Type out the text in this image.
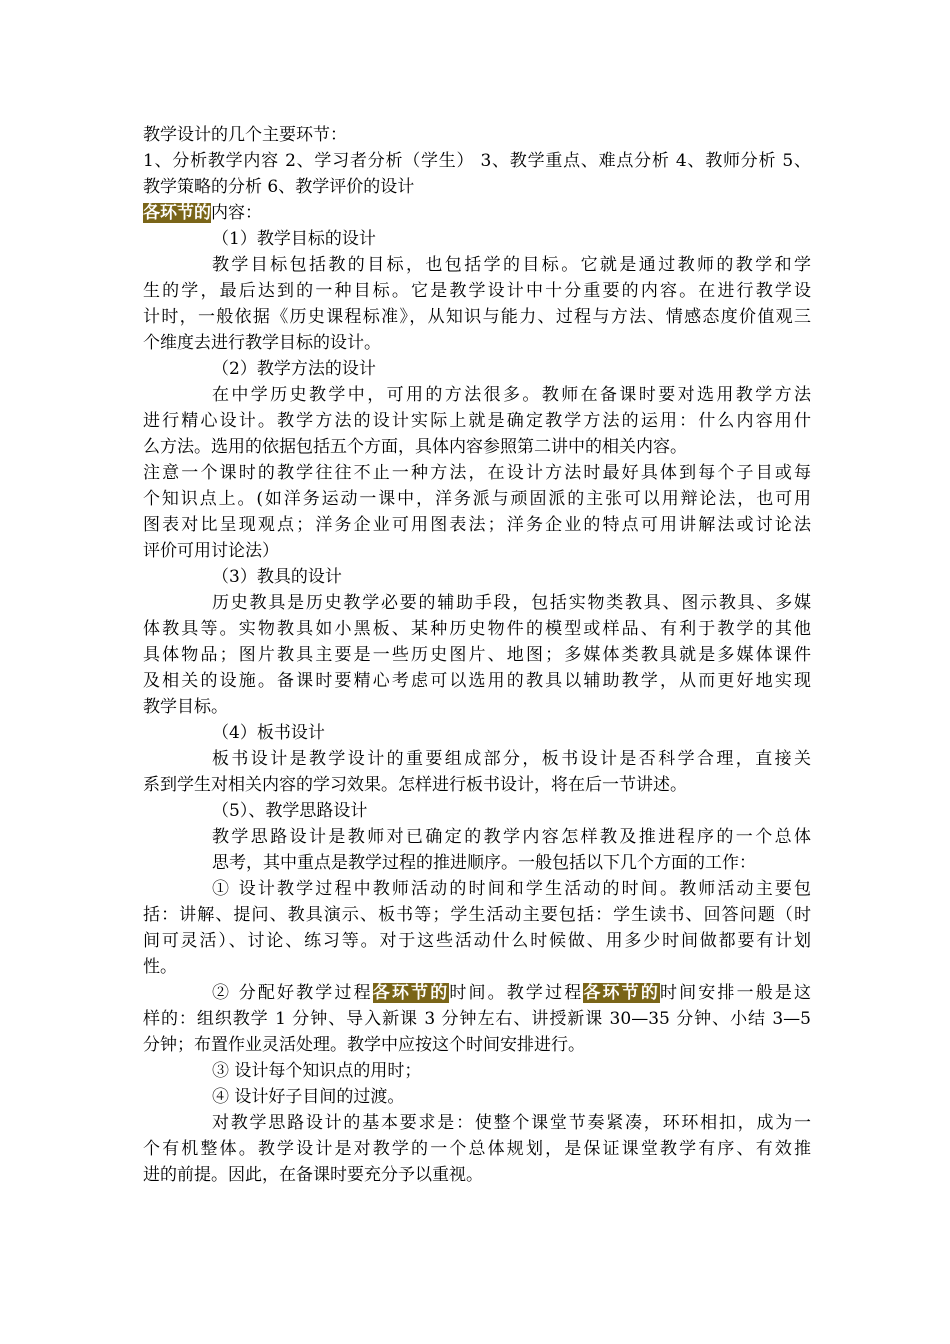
教学设计的几个主要环节：
1、分析教学内容 2、学习者分析（学生） 3、教学重点、难点分析 4、教师分析 5、
教学策略的分析 6、教学评价的设计
各环节的内容：
（1）教学目标的设计
教学目标包括教的目标，也包括学的目标。它就是通过教师的教学和学
生的学，最后达到的一种目标。它是教学设计中十分重要的内容。在进行教学设
计时，一般依据《历史课程标准》，从知识与能力、过程与方法、情感态度价值观三
个维度去进行教学目标的设计。
（2）教学方法的设计
在中学历史教学中，可用的方法很多。教师在备课时要对选用教学方法
进行精心设计。教学方法的设计实际上就是确定教学方法的运用：什么内容用什
么方法。选用的依据包括五个方面，具体内容参照第二讲中的相关内容。
注意一个课时的教学往往不止一种方法，在设计方法时最好具体到每个子目或每
个知识点上。(如洋务运动一课中，洋务派与顽固派的主张可以用辩论法，也可用
图表对比呈现观点；洋务企业可用图表法；洋务企业的特点可用讲解法或讨论法
评价可用讨论法）
（3）教具的设计
历史教具是历史教学必要的辅助手段，包括实物类教具、图示教具、多媒
体教具等。实物教具如小黑板、某种历史物件的模型或样品、有利于教学的其他
具体物品；图片教具主要是一些历史图片、地图；多媒体类教具就是多媒体课件
及相关的设施。备课时要精心考虑可以选用的教具以辅助教学，从而更好地实现
教学目标。
（4）板书设计
板书设计是教学设计的重要组成部分，板书设计是否科学合理，直接关
系到学生对相关内容的学习效果。怎样进行板书设计，将在后一节讲述。
（5）、教学思路设计
教学思路设计是教师对已确定的教学内容怎样教及推进程序的一个总体
思考，其中重点是教学过程的推进顺序。一般包括以下几个方面的工作：
① 设计教学过程中教师活动的时间和学生活动的时间。教师活动主要包
括：讲解、提问、教具演示、板书等；学生活动主要包括：学生读书、回答问题（时
间可灵活）、讨论、练习等。对于这些活动什么时候做、用多少时间做都要有计划
性。
② 分配好教学过程各环节的时间。教学过程各环节的时间安排一般是这
样的：组织教学 1 分钟、导入新课 3 分钟左右、讲授新课 30—35 分钟、小结 3—5
分钟；布置作业灵活处理。教学中应按这个时间安排进行。
③ 设计每个知识点的用时；
④ 设计好子目间的过渡。
对教学思路设计的基本要求是：使整个课堂节奏紧凑，环环相扣，成为一
个有机整体。教学设计是对教学的一个总体规划，是保证课堂教学有序、有效推
进的前提。因此，在备课时要充分予以重视。
